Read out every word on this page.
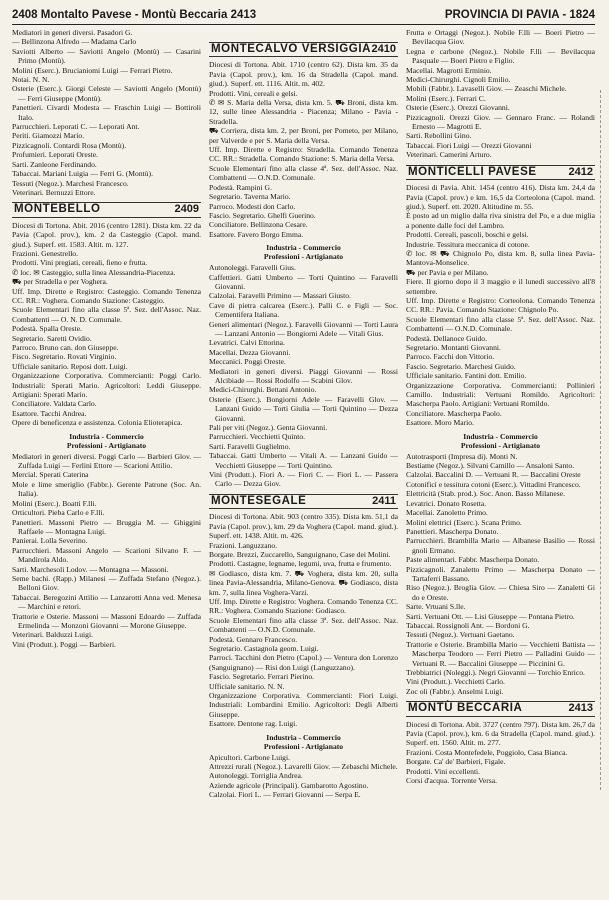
2408 Montalto Pavese - Montù Beccaria 2413	PROVINCIA DI PAVIA - 1824

Mediatori in generi diversi. Pasadori G.

— Bellinzona Alfredo — Madama Carlo

Saviotti Alberto — Saviotti Angelo (Montù) — Casarini Primo (Montù).

Molini (Eserc.). Brucianiomi Luigi — Ferrari Pietro.

Notai. N. N.

Osterie (Eserc.). Giorgi Celeste — Saviotti Angelo (Montù) — Ferri Giuseppe (Montù).

Panettieri. Civardi Modesta — Fraschin Luigi — Bottiroli Italo.

Parrucchieri. Leporati C. — Leporati Ant.

Periti. Giamozzi Mario.

Pizzicagnoli. Contardi Rosa (Montù).

Profumieri. Leporati Oreste.

Sarti. Zanleone Ferdinando.

Tabaccai. Mariani Luigia — Ferri G. (Montù).

Tessuti (Negoz.). Marchesi Francesco.

Veterinari. Bernuzzi Ettore.

MONTEBELLO	2409

Diocesi di Tortona. Abit. 2016 (centro 1281). Dista km. 22 da Pavia (Capol. prov.), km. 2 da Casteggio (Capol. mand. giud.). Superf. ett. 1583. Altit. m. 127.

Frazioni. Genestrello.

Prodotti. Vini pregiati, cereali, fieno e frutta.

✆ loc. ✉ Casteggio, sulla linea Alessandria-Piacenza.

⛟ per Stradella e per Voghera.

Uff. Imp. Dirette e Registro: Casteggio. Comando Tenenza CC. RR.: Voghera. Comando Stazione: Casteggio.

Scuole Elementari fino alla classe 5ª. Sez. dell'Assoc. Naz. Combattenti — O. N. D. Comunale.

Podestà. Spalla Oreste.

Segretario. Saretti Ovidio.

Parroco. Bruno can. don Giuseppe.

Fisco. Segretario. Rovati Virginio.

Ufficiale sanitario. Reposi dott. Luigi.

Organizzazione Corporativa. Commercianti: Poggi Carlo. Industriali: Sperati Mario. Agricoltori: Leddi Giuseppe. Artigiani: Sperati Mario.

Conciliatore. Valdata Carlo.

Esattore. Tacchi Andrea.

Opere di beneficenza e assistenza. Colonia Elioterapica.

Industria - Commercio
Professioni - Artigianato

Mediatori in generi diversi. Poggi Carlo — Barbieri Glov. — Zuffada Luigi — Ferlini Ettore — Scarioni Attilio.

Mercial. Sperati Caterina

Mole e lime smeriglio (Fabbr.). Gerente Patrone (Soc. An. Italia).

Molini (Eserc.). Boatti F.lli.

Orticultori. Pieba Carlo e F.lli.

Panettieri. Massoni Pietro — Bruggia M. — Ghiggini Raffaele — Montagna Luigi.

Panierai. Lolla Severino.

Parrucchieri. Massoni Angelo — Scarioni Silvano F. — Mandirola Aldo.

Sarti. Marchesoli Lodov. — Montagna — Massoni.

Seme bachi. (Rapp.) Milanesi — Zuffada Stefano (Negoz.). Belloni Giov.

Tabaccai. Beregozini Attilio — Lanzarotti Anna ved. Menesa — Marchini e retori.

Trattorie e Osterie. Massoni — Massoni Edoardo — Zuffada Ermelinda — Monzoni Giovanni — Morone Giuseppe.

Veterinari. Balduzzi Luigi.

Vini (Produtt.). Poggi — Barbieri.

MONTECALVO VERSIGGIA 2410

Diocesi di Tortona. Abit. 1710 (centro 62). Dista km. 35 da Pavia (Capol. prov.), km. 16 da Stradella (Capol. mand. giud.). Superf. ett. 1116. Altit. m. 402.

Prodotti. Vini, cereali e gelsi.

✆ ✉ S. Maria della Versa, dista km. 5. ⛟ Broni, dista km. 12, sulle linee Alessandria - Piacenza; Milano - Pavia - Stradella.

⛟ Corriera, dista km. 2, per Broni, per Pometo, per Milano, per Valverde e per S. Maria della Versa.

Uff. Imp. Dirette e Registro: Stradella. Comando Tenenza CC. RR.: Stradella. Comando Stazione: S. Maria della Versa.

Scuole Elementari fino alla classe 4ª. Sez. dell'Assoc. Naz. Combattenti — O.N.D. Comunale.

Podestà. Rampini G.

Segretario. Taverna Mario.

Parroco. Modesti don Carlo.

Fascio. Segretario. Ghelfi Guerino.

Conciliatore. Bellinzona Cesare.

Esattore. Favero Borgo Emma.

Industria - Commercio
Professioni - Artigianato

Autonoleggi. Faravelli Gius.

Caffettieri. Gatti Umberto — Torti Quintino — Faravelli Giovanni.

Calzolai. Faravelli Primino — Massari Giusto.

Cave di pietra calcarea (Eserc.). Palli C. e Figli — Soc. Cementifera Italiana.

Generi alimentari (Negoz.). Faravelli Giovanni — Torti Laura — Lanzani Antonio — Bongiorni Adele — Vitali Gius.

Levatrici. Calvi Ettorina.

Macellai. Dezza Giovanni.

Meccanici. Poggi Oreste.

Mediatori in generi diversi. Piaggi Giovanni — Rossi Alcibiade — Rossi Rodolfo — Scabini Glov.

Medici-Chirurghi. Bettani Antonio.

Osterie (Eserc.). Bongiorni Adele — Faravelli Glov. — Lanzani Guido — Torti Giulia — Torti Quintino — Dezza Giovanni.

Pali per viti (Negoz.). Genta Giovanni.

Parrucchieri. Vecchietti Quinto.

Sarti. Faravelli Guglielmo.

Tabaccai. Gatti Umberto — Vitali A. — Lanzani Guido — Vecchietti Giuseppe — Torti Quintino.

Vini (Produtt.). Fiori A. — Fiori C. — Fiori L. — Passera Carlo — Dezza Giov.

MONTESEGALE	2411

Diocesi di Tortona. Abit. 903 (centro 335). Dista km. 51,1 da Pavia (Capol. prov.), km. 29 da Voghera (Capol. mand. giud.). Superf. ett. 1438. Altit. m. 426.

Frazioni. Languzzano.

Borgate. Brezzi, Zuccarello, Sanguignano, Case dei Molini.

Prodotti. Castagne, legname, legumi, uva, frutta e frumento.

✉ Godiasco, dista km. 7. ⛟ Voghera, dista km. 20, sulla linea Pavia-Alessandria, Milano-Genova. ⛟ Godiasco, dista km. 7, sulla linea Voghera-Varzi.

Uff. Imp. Dirette e Registro: Voghera. Comando Tenenza CC. RR.: Voghera. Comando Stazione: Godiasco.

Scuole Elementari fino alla classe 3ª. Sez. dell'Assoc. Naz. Combattenti — O.N.D. Comunale.

Podestà. Gennaro Francesco.

Segretario. Castagnola geom. Luigi.

Parroci. Tacchini don Pietro (Capol.) — Ventura don Lorenzo (Sanguignano) — Risi don Luigi (Languzzano).

Fascio. Segretario. Ferrari Pierino.

Ufficiale sanitario. N. N.

Organizzazione Corporativa. Commercianti: Fiori Luigi. Industriali: Lombardini Emilio. Agricoltori: Degli Alberti Giuseppe.

Esattore. Dentone rag. Luigi.

Industria - Commercio
Professioni - Artigianato

Apicultori. Carbone Luigi.

Attrezzi rurali (Negoz.). Lavarelli Giov. — Zebaschi Michele.

Autonoleggi. Torriglia Andrea.

Aziende agricole (Principali). Gambarotto Agostino.

Calzolai. Fiori L. — Ferrari Giovanni — Serpa E.

Frutta e Ortaggi (Negoz.). Nobile F.lli — Boeri Pietro — Bevilacqua Giov.

Legna e carbone (Negoz.). Nobile F.lli — Bevilacqua Pasquale — Boeri Pietro e Figlio.

Macellai. Magrotti Erminio.

Medici-Chirurghi. Cignoli Emilio.

Mobili (Fabbr.). Lavaselli Giov. — Zeaschi Michele.

Molini (Eserc.). Ferrari C.

Osterie (Eserc.). Orezzi Giovanni.

Pizzicagnoli. Orezzi Giov. — Gennaro Franc. — Rolandi Ernesto — Magrotti E.

Sarti. Rebollini Gino.

Tabaccai. Fiori Luigi — Orezzi Giovanni

Veterinari. Camerini Arturo.

MONTICELLI PAVESE	2412

Diocesi di Pavia. Abit. 1454 (centro 416). Dista km. 24,4 da Pavia (Capol. prov.) e km. 16,5 da Corteolona (Capol. mand. giud.). Superf. ett. 2020. Altitudine m. 55.

È posto ad un miglio dalla riva sinistra del Po, e a due miglia a ponente dalle foci del Lambro.

Prodotti. Cereali, pascoli, boschi e gelsi.

Industrie. Tessitura meccanica di cotone.

✆ loc. ✉ ⛟ Chignolo Po, dista km. 8, sulla linea Pavia-Mantova-Monselice.

⛟ per Pavia e per Milano.

Fiere. Il giorno dopo il 3 maggio e il lunedì successivo all'8 settembre.

Uff. Imp. Dirette e Registro: Corteolona. Comando Tenenza CC. RR.: Pavia. Comando Stazione: Chignolo Po.

Scuole Elementari fino alla classe 5ª. Sez. dell'Assoc. Naz. Combattenti — O.N.D. Comunale.

Podestà. Dellanoce Guido.

Segretario. Montanti Giovanni.

Parroco. Facchi don Vittorio.

Fascio. Segretario. Marchesi Guido.

Ufficiale sanitario. Fantini dott. Emilio.

Organizzazione Corporativa. Commercianti: Pollinieri Camillo. Industriali: Vertuani Romildo. Agricoltori: Mascherpa Paolo. Artigiani: Vertuani Romildo.

Conciliatore. Mascherpa Paolo.

Esattore. Moro Mario.

Industria - Commercio
Professioni - Artigianato

Autotrasporti (Impresa di). Monti N.

Bestiame (Negoz.). Silvani Camillo — Ansaloni Santo.

Calzolai. Baccalini D. — Vertuani R. — Baccalini Oreste

Cotonificí e tessitura cotoni (Eserc.). Vittadini Francesco.

Elettricità (Stab. prod.). Soc. Anon. Basso Milanese.

Levatrici. Donato Rosetta.

Macellai. Zanoletto Primo.

Molini elettrici (Eserc.). Scana Primo.

Panettieri. Mascherpa Donato.

Parrucchieri. Brambilla Mario — Albanese Basilio — Rossi gnoli Ermano.

Paste alimentari. Fabbr. Mascherpa Donato.

Pizzicagnoli. Zanaletto Primo — Mascherpa Donato — Tartaferri Bassano.

Riso (Negoz.). Broglia Giov. — Chiesa Siro — Zanaletti Gi do e Oreste.

Sarte. Vrtuani S.lle.

Sarti. Vertuani Ott. — Lisi Giuseppe — Pontana Pietro.

Tabaccai. Rossignoli Ant. — Bordoni G.

Tessuti (Negoz.). Vertuani Gaetano.

Trattorie e Osterie. Brambilla Mario — Vecchietti Battista — Mascherpa Teodoro — Ferri Pietro — Palladini Guido — Vertuani R. — Baccalini Giuseppe — Piccinini G.

Trebbiatrici (Noleggi.). Negri Giovanni — Torchio Enrico.

Vini (Produtt.). Vecchietti Carlo.

Zoc oli (Fabbr.). Anselmi Luigi.

MONTÙ BECCARIA	2413

Diocesi di Tortona. Abit. 3727 (centro 797). Dista km. 26,7 da Pavia (Capol. prov.), km. 6 da Stradella (Capol. mand. giud.). Superf. ett. 1560. Altit. m. 277.

Frazioni. Costa Montefedele, Poggiolo, Casa Bianca.

Borgate. Ca' de' Barbieri, Figale.

Prodotti. Vini eccellenti.

Corsi d'acqua. Torrente Versa.
